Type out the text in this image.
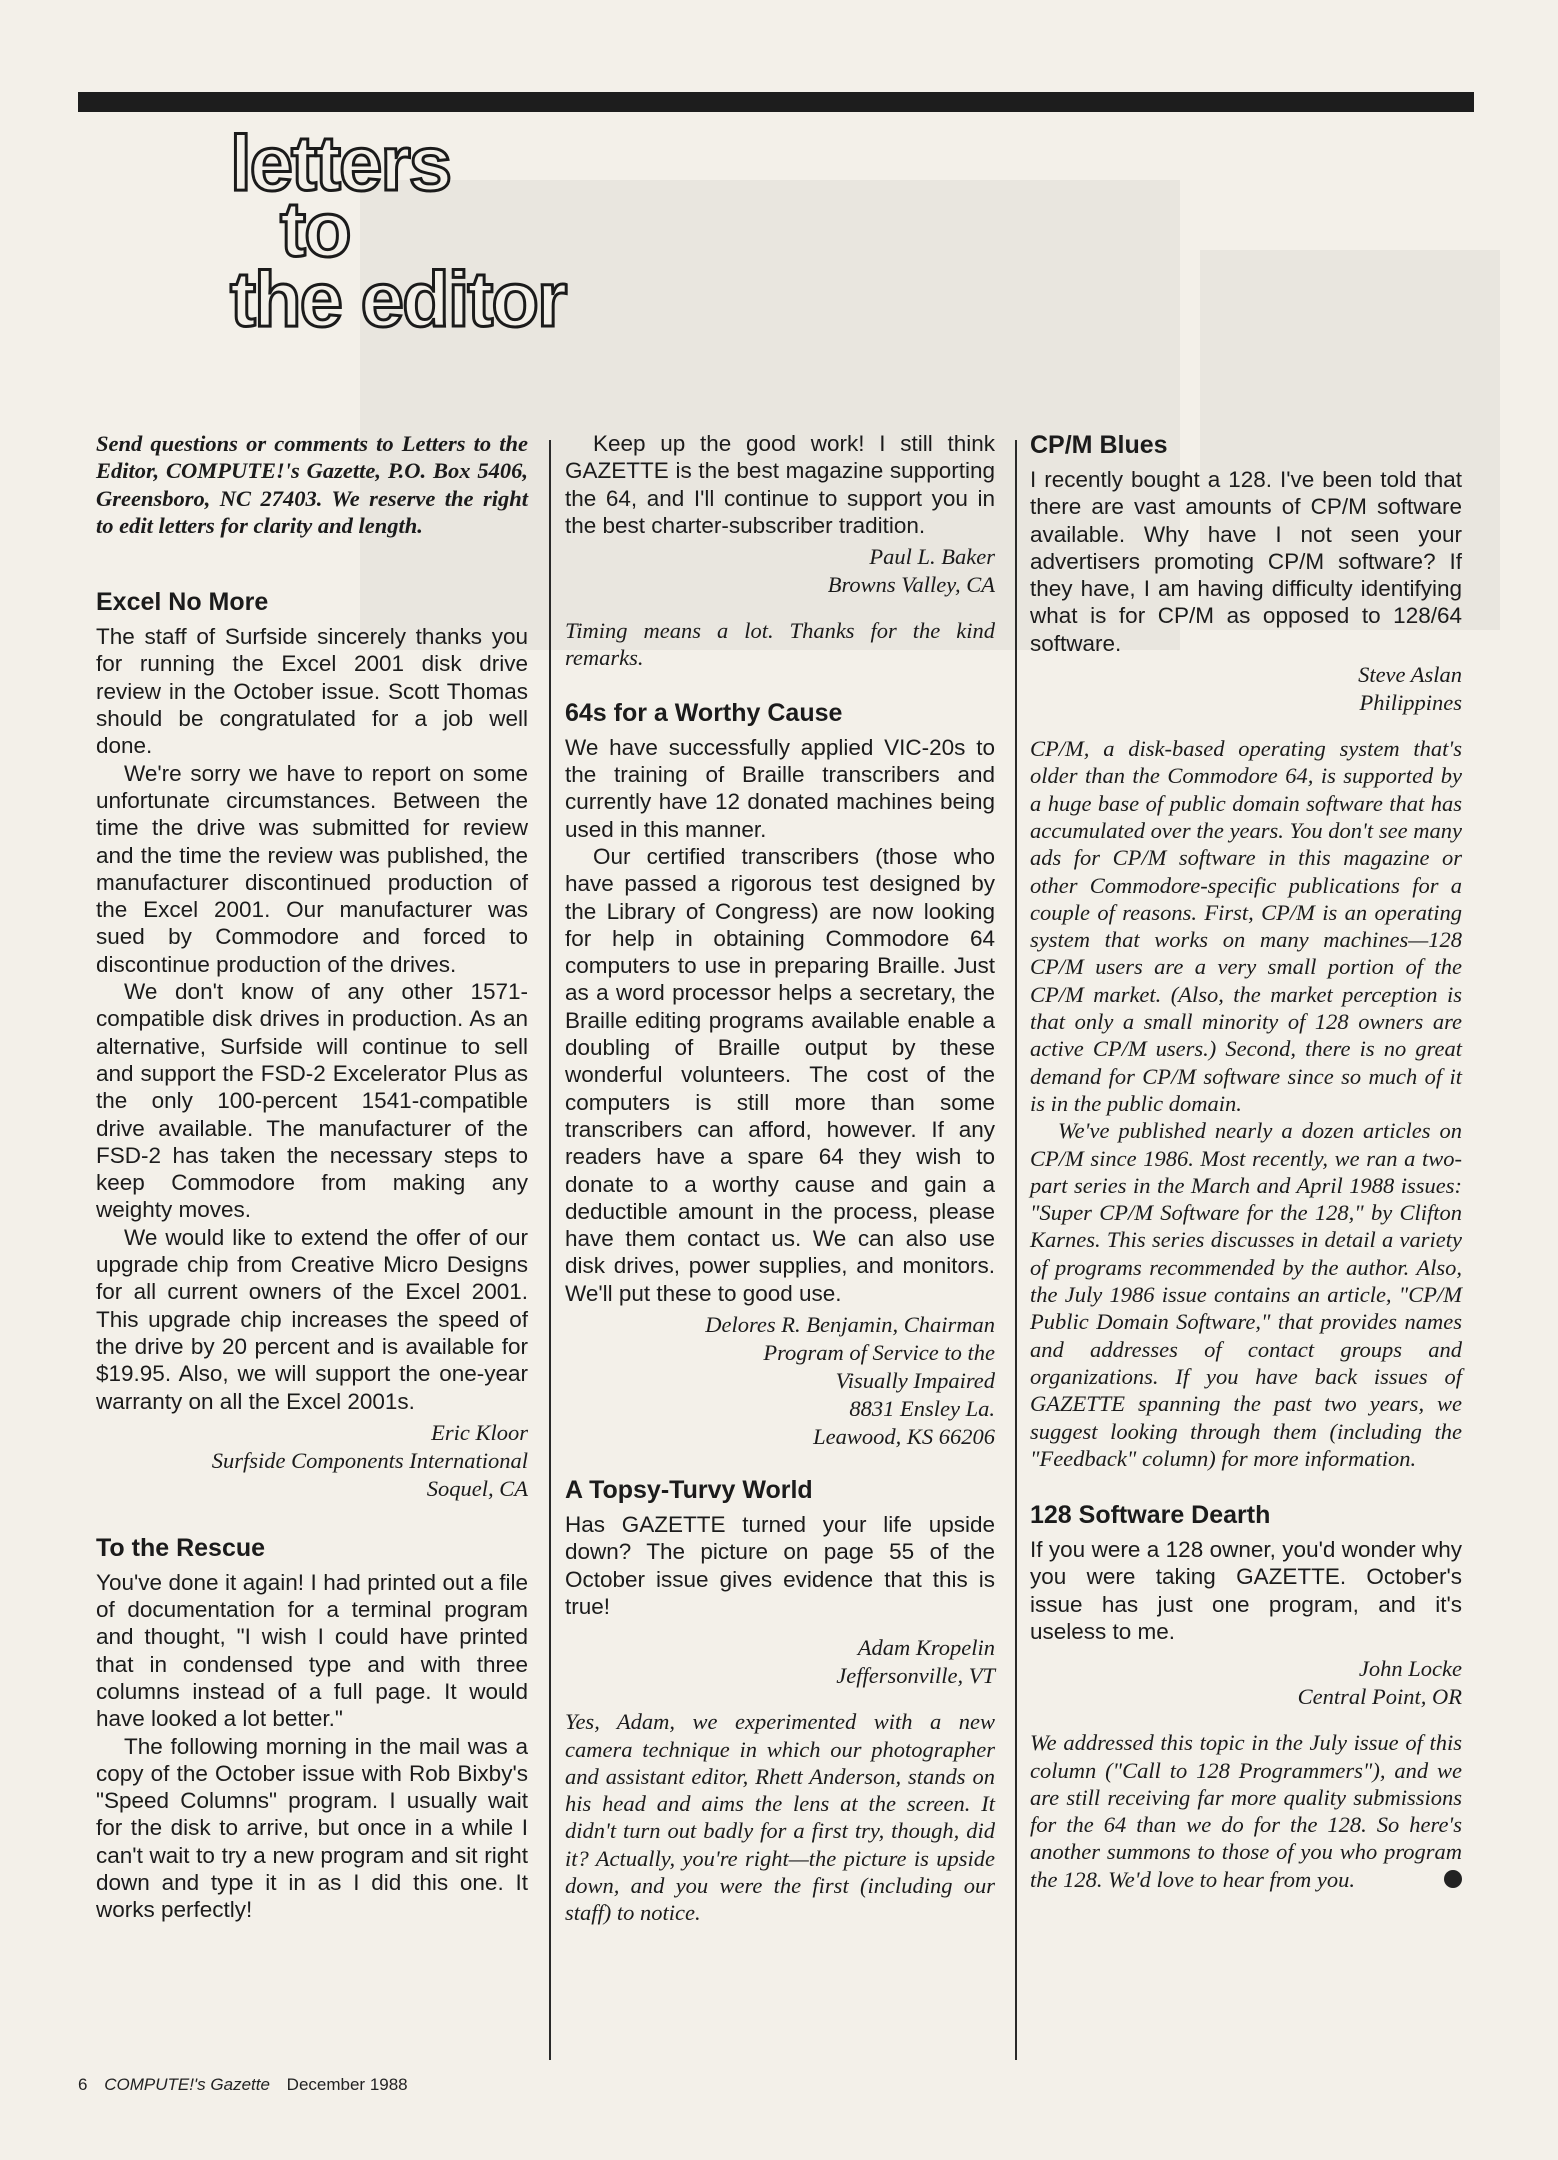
letters
to
the editor

Send questions or comments to Letters to the Editor, COMPUTE!'s Gazette, P.O. Box 5406, Greensboro, NC 27403. We reserve the right to edit letters for clarity and length.

Excel No More

The staff of Surfside sincerely thanks you for running the Excel 2001 disk drive review in the October issue. Scott Thomas should be congratulated for a job well done.

We're sorry we have to report on some unfortunate circumstances. Between the time the drive was submitted for review and the time the review was published, the manufacturer discontinued production of the Excel 2001. Our manufacturer was sued by Commodore and forced to discontinue production of the drives.

We don't know of any other 1571-compatible disk drives in production. As an alternative, Surfside will continue to sell and support the FSD-2 Excelerator Plus as the only 100-percent 1541-compatible drive available. The manufacturer of the FSD-2 has taken the necessary steps to keep Commodore from making any weighty moves.

We would like to extend the offer of our upgrade chip from Creative Micro Designs for all current owners of the Excel 2001. This upgrade chip increases the speed of the drive by 20 percent and is available for $19.95. Also, we will support the one-year warranty on all the Excel 2001s.

Eric Kloor
Surfside Components International
Soquel, CA
To the Rescue

You've done it again! I had printed out a file of documentation for a terminal program and thought, "I wish I could have printed that in condensed type and with three columns instead of a full page. It would have looked a lot better."

The following morning in the mail was a copy of the October issue with Rob Bixby's "Speed Columns" program. I usually wait for the disk to arrive, but once in a while I can't wait to try a new program and sit right down and type it in as I did this one. It works perfectly!

Keep up the good work! I still think GAZETTE is the best magazine supporting the 64, and I'll continue to support you in the best charter-subscriber tradition.

Paul L. Baker
Browns Valley, CA

Timing means a lot. Thanks for the kind remarks.

64s for a Worthy Cause

We have successfully applied VIC-20s to the training of Braille transcribers and currently have 12 donated machines being used in this manner.

Our certified transcribers (those who have passed a rigorous test designed by the Library of Congress) are now looking for help in obtaining Commodore 64 computers to use in preparing Braille. Just as a word processor helps a secretary, the Braille editing programs available enable a doubling of Braille output by these wonderful volunteers. The cost of the computers is still more than some transcribers can afford, however. If any readers have a spare 64 they wish to donate to a worthy cause and gain a deductible amount in the process, please have them contact us. We can also use disk drives, power supplies, and monitors. We'll put these to good use.

Delores R. Benjamin, Chairman
Program of Service to the
Visually Impaired
8831 Ensley La.
Leawood, KS 66206
A Topsy-Turvy World

Has GAZETTE turned your life upside down? The picture on page 55 of the October issue gives evidence that this is true!

Adam Kropelin
Jeffersonville, VT

Yes, Adam, we experimented with a new camera technique in which our photographer and assistant editor, Rhett Anderson, stands on his head and aims the lens at the screen. It didn't turn out badly for a first try, though, did it? Actually, you're right—the picture is upside down, and you were the first (including our staff) to notice.

CP/M Blues

I recently bought a 128. I've been told that there are vast amounts of CP/M software available. Why have I not seen your advertisers promoting CP/M software? If they have, I am having difficulty identifying what is for CP/M as opposed to 128/64 software.

Steve Aslan
Philippines

CP/M, a disk-based operating system that's older than the Commodore 64, is supported by a huge base of public domain software that has accumulated over the years. You don't see many ads for CP/M software in this magazine or other Commodore-specific publications for a couple of reasons. First, CP/M is an operating system that works on many machines—128 CP/M users are a very small portion of the CP/M market. (Also, the market perception is that only a small minority of 128 owners are active CP/M users.) Second, there is no great demand for CP/M software since so much of it is in the public domain.

We've published nearly a dozen articles on CP/M since 1986. Most recently, we ran a two-part series in the March and April 1988 issues: "Super CP/M Software for the 128," by Clifton Karnes. This series discusses in detail a variety of programs recommended by the author. Also, the July 1986 issue contains an article, "CP/M Public Domain Software," that provides names and addresses of contact groups and organizations. If you have back issues of GAZETTE spanning the past two years, we suggest looking through them (including the "Feedback" column) for more information.

128 Software Dearth

If you were a 128 owner, you'd wonder why you were taking GAZETTE. October's issue has just one program, and it's useless to me.

John Locke
Central Point, OR

We addressed this topic in the July issue of this column ("Call to 128 Programmers"), and we are still receiving far more quality submissions for the 64 than we do for the 128. So here's another summons to those of you who program the 128. We'd love to hear from you.

6 COMPUTE!'s Gazette December 1988
